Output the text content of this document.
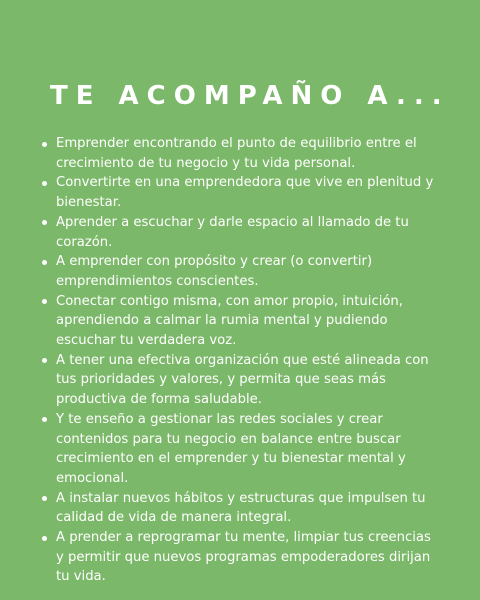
TE ACOMPAÑO A...
Emprender encontrando el punto de equilibrio entre el crecimiento de tu negocio y tu vida personal.
Convertirte en una emprendedora que vive en plenitud y bienestar.
Aprender a escuchar y darle espacio al llamado de tu corazón.
A emprender con propósito y crear (o convertir) emprendimientos conscientes.
Conectar contigo misma, con amor propio, intuición, aprendiendo a calmar la rumia mental y pudiendo escuchar tu verdadera voz.
A tener una efectiva organización que esté alineada con tus prioridades y valores, y permita que seas más productiva de forma saludable.
Y te enseño a gestionar las redes sociales y crear contenidos para tu negocio en balance entre buscar crecimiento en el emprender y tu bienestar mental y emocional.
A instalar nuevos hábitos y estructuras que impulsen tu calidad de vida de manera integral.
A prender a reprogramar tu mente, limpiar tus creencias y permitir que nuevos programas empoderadores dirijan tu vida.
